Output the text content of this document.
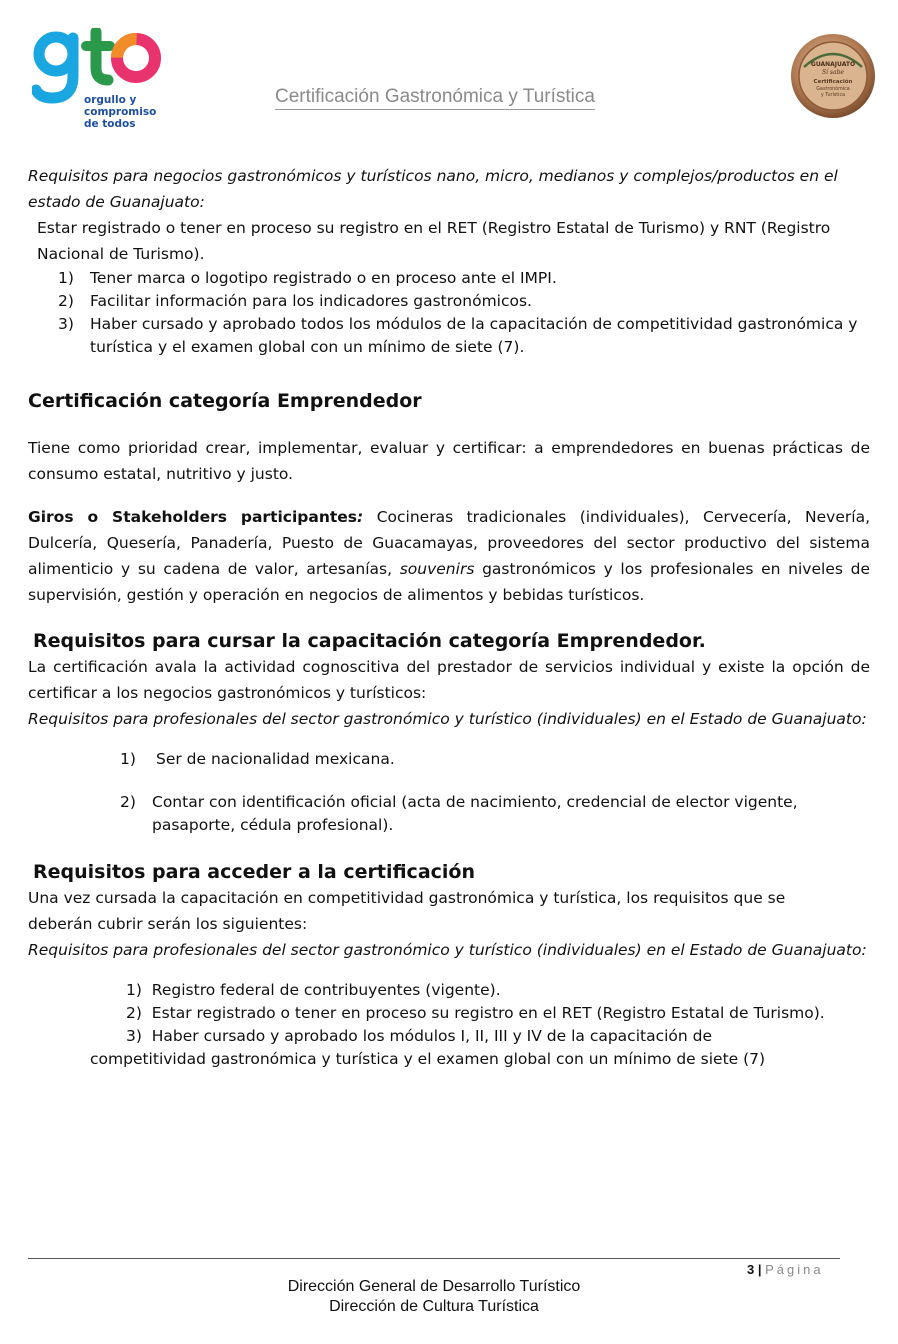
orgullo y
compromiso
de todos
Certificación Gastronómica y Turística
GUANAJUATO
Sí sabe
Certificación
Gastronómica
y Turística

Requisitos para negocios gastronómicos y turísticos nano, micro, medianos y complejos/productos en el estado de Guanajuato:

Estar registrado o tener en proceso su registro en el RET (Registro Estatal de Turismo) y RNT (Registro Nacional de Turismo).

1) Tener marca o logotipo registrado o en proceso ante el IMPI.
2) Facilitar información para los indicadores gastronómicos.
3) Haber cursado y aprobado todos los módulos de la capacitación de competitividad gastronómica y turística y el examen global con un mínimo de siete (7).

Certificación categoría Emprendedor

Tiene como prioridad crear, implementar, evaluar y certificar: a emprendedores en buenas prácticas de consumo estatal, nutritivo y justo.

Giros o Stakeholders participantes: Cocineras tradicionales (individuales), Cervecería, Nevería, Dulcería, Quesería, Panadería, Puesto de Guacamayas, proveedores del sector productivo del sistema alimenticio y su cadena de valor, artesanías, souvenirs gastronómicos y los profesionales en niveles de supervisión, gestión y operación en negocios de alimentos y bebidas turísticos.

Requisitos para cursar la capacitación categoría Emprendedor.

La certificación avala la actividad cognoscitiva del prestador de servicios individual y existe la opción de certificar a los negocios gastronómicos y turísticos:

Requisitos para profesionales del sector gastronómico y turístico (individuales) en el Estado de Guanajuato:

1) Ser de nacionalidad mexicana.
2) Contar con identificación oficial (acta de nacimiento, credencial de elector vigente, pasaporte, cédula profesional).

Requisitos para acceder a la certificación

Una vez cursada la capacitación en competitividad gastronómica y turística, los requisitos que se deberán cubrir serán los siguientes:

Requisitos para profesionales del sector gastronómico y turístico (individuales) en el Estado de Guanajuato:

1) Registro federal de contribuyentes (vigente).
2) Estar registrado o tener en proceso su registro en el RET (Registro Estatal de Turismo).
3) Haber cursado y aprobado los módulos I, II, III y IV de la capacitación de competitividad gastronómica y turística y el examen global con un mínimo de siete (7)
3 | Página
Dirección General de Desarrollo Turístico
Dirección de Cultura Turística
